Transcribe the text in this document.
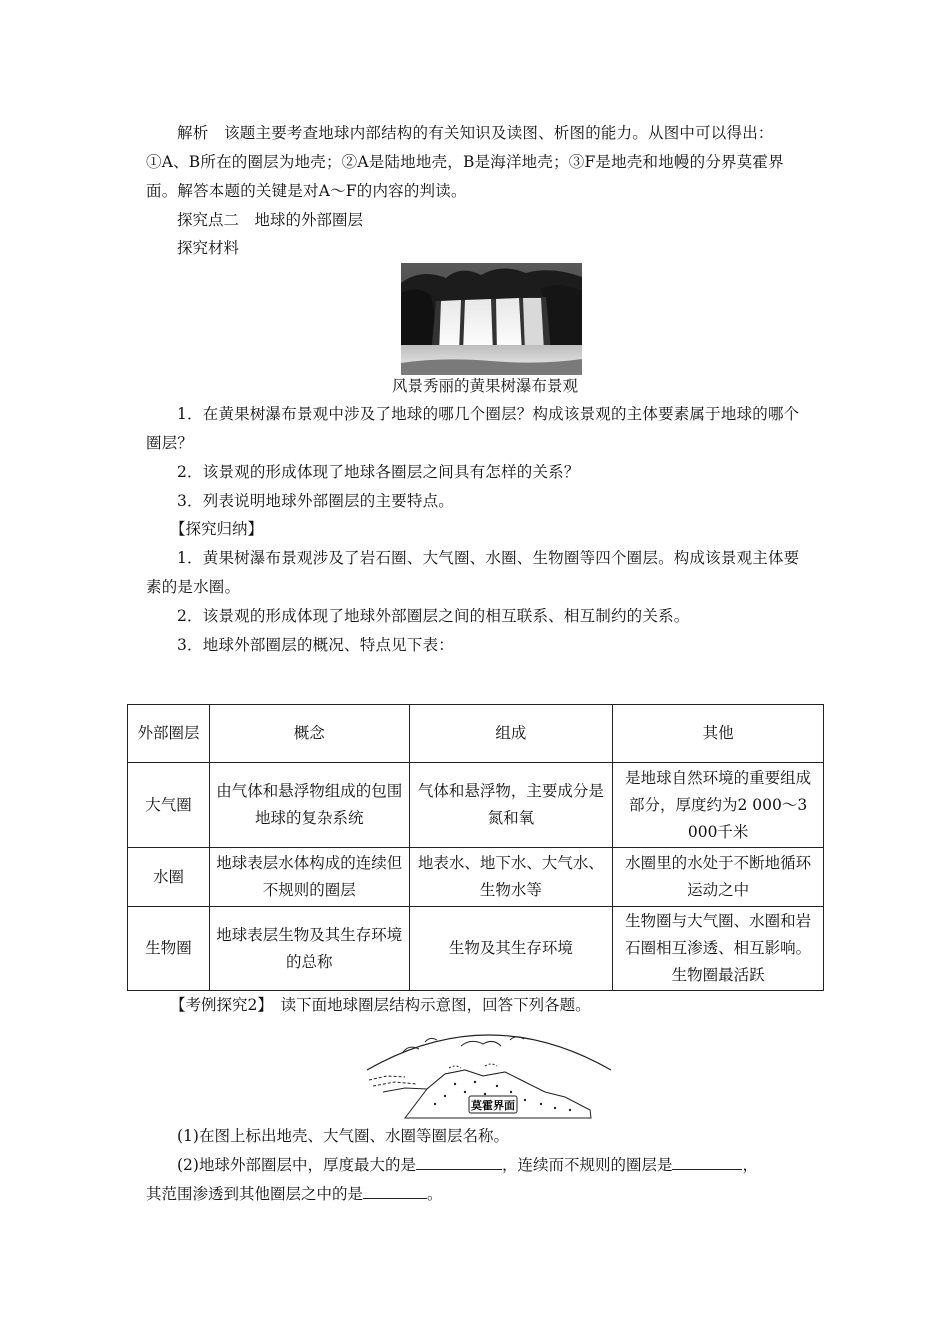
解析　 该题主要考查地球内部结构的有关知识及读图、析图的能力。从图中可以得出：①A、B所在的圈层为地壳；②A是陆地地壳，B是海洋地壳；③F是地壳和地幔的分界莫霍界面。解答本题的关键是对A～F的内容的判读。
探究点二　地球的外部圈层
探究材料
风景秀丽的黄果树瀑布景观
1．在黄果树瀑布景观中涉及了地球的哪几个圈层？构成该景观的主体要素属于地球的哪个圈层？
2．该景观的形成体现了地球各圈层之间具有怎样的关系？
3．列表说明地球外部圈层的主要特点。
【探究归纳】
1．黄果树瀑布景观涉及了岩石圈、大气圈、水圈、生物圈等四个圈层。构成该景观主体要素的是水圈。
2．该景观的形成体现了地球外部圈层之间的相互联系、相互制约的关系。
3．地球外部圈层的概况、特点见下表：
外部圈层	概念	组成	其他
大气圈	由气体和悬浮物组成的包围地球的复杂系统	气体和悬浮物，主要成分是氮和氧	是地球自然环境的重要组成部分，厚度约为2 000～3 000千米
水圈	地球表层水体构成的连续但不规则的圈层	地表水、地下水、大气水、生物水等	水圈里的水处于不断地循环运动之中
生物圈	地球表层生物及其生存环境的总称	生物及其生存环境	生物圈与大气圈、水圈和岩石圈相互渗透、相互影响。生物圈最活跃
【考例探究2】　 读下面地球圈层结构示意图，回答下列各题。
莫霍界面
(1)在图上标出地壳、大气圈、水圈等圈层名称。
(2)地球外部圈层中，厚度最大的是	，连续而不规则的圈层是	，
其范围渗透到其他圈层之中的是	。
